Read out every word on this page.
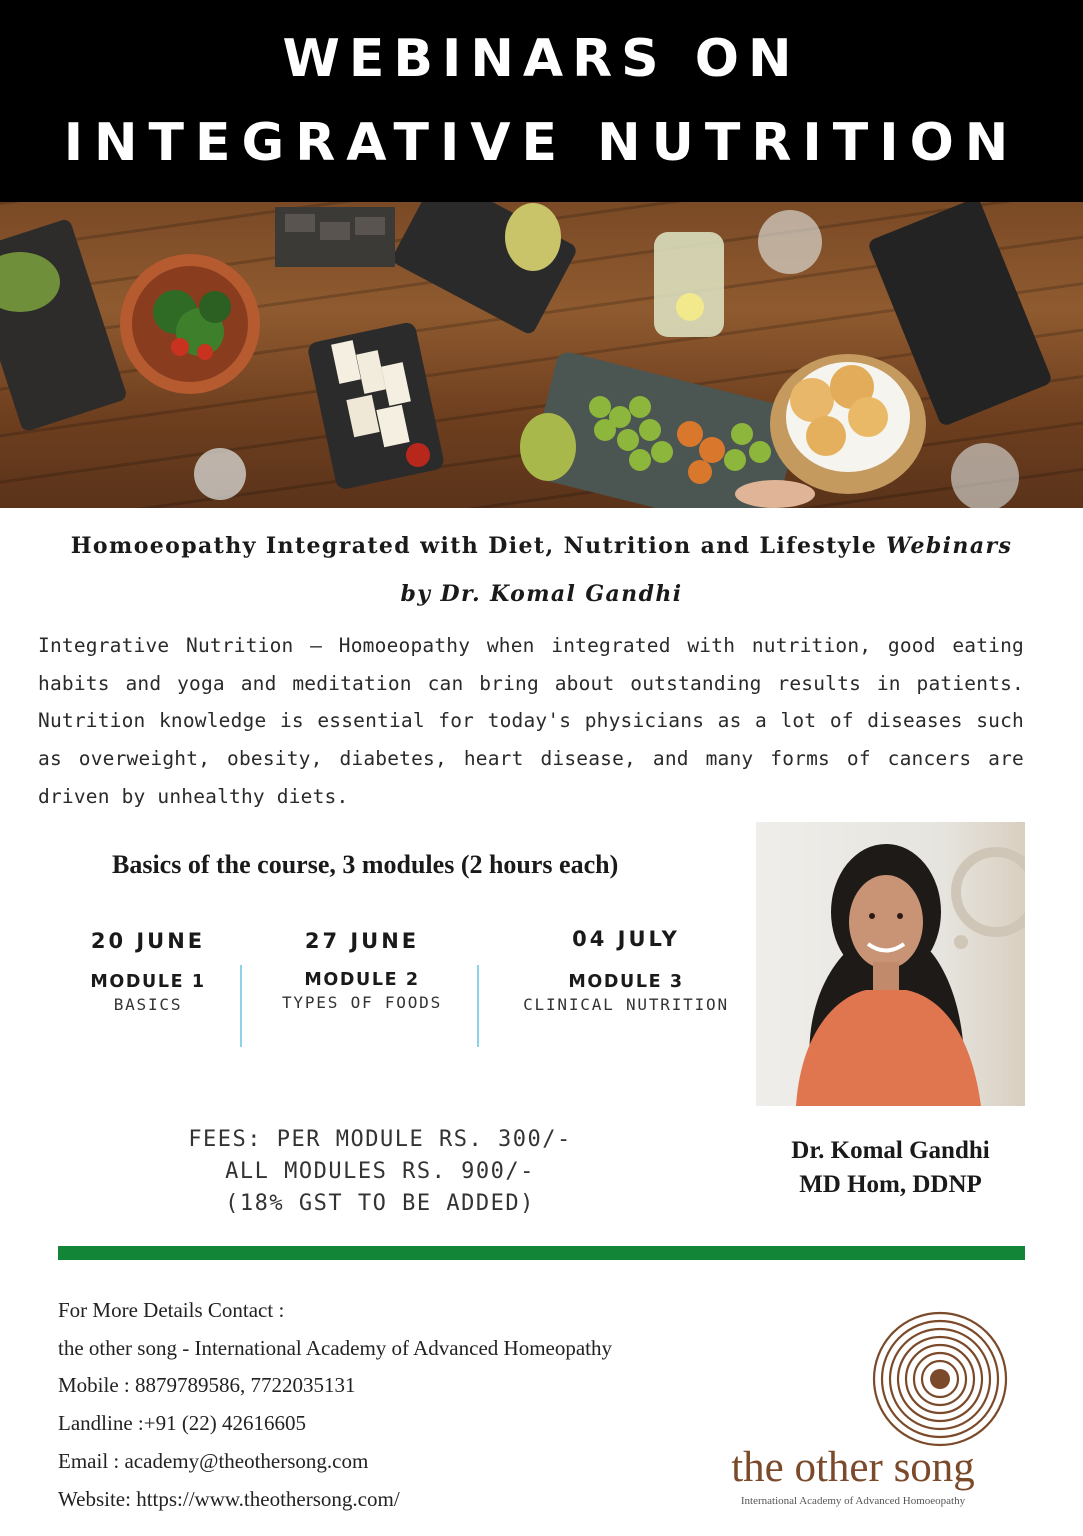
WEBINARS ON
INTEGRATIVE NUTRITION
Homoeopathy Integrated with Diet, Nutrition and Lifestyle Webinars
by Dr. Komal Gandhi
Integrative Nutrition – Homoeopathy when integrated with nutrition, good eating habits and yoga and meditation can bring about outstanding results in patients. Nutrition knowledge is essential for today's physicians as a lot of diseases such as overweight, obesity, diabetes, heart disease, and many forms of cancers are driven by unhealthy diets.
Basics of the course, 3 modules (2 hours each)
20 JUNE
MODULE 1
BASICS
27 JUNE
MODULE 2
TYPES OF FOODS
04 JULY
MODULE 3
CLINICAL NUTRITION
FEES: PER MODULE RS. 300/-
ALL MODULES RS. 900/-
(18% GST TO BE ADDED)
Dr. Komal Gandhi
MD Hom, DDNP
For More Details Contact :
the other song - International Academy of Advanced Homeopathy
Mobile : 8879789586, 7722035131
Landline :+91 (22) 42616605
Email : academy@theothersong.com
Website: https://www.theothersong.com/
the other song
International Academy of Advanced Homoeopathy
